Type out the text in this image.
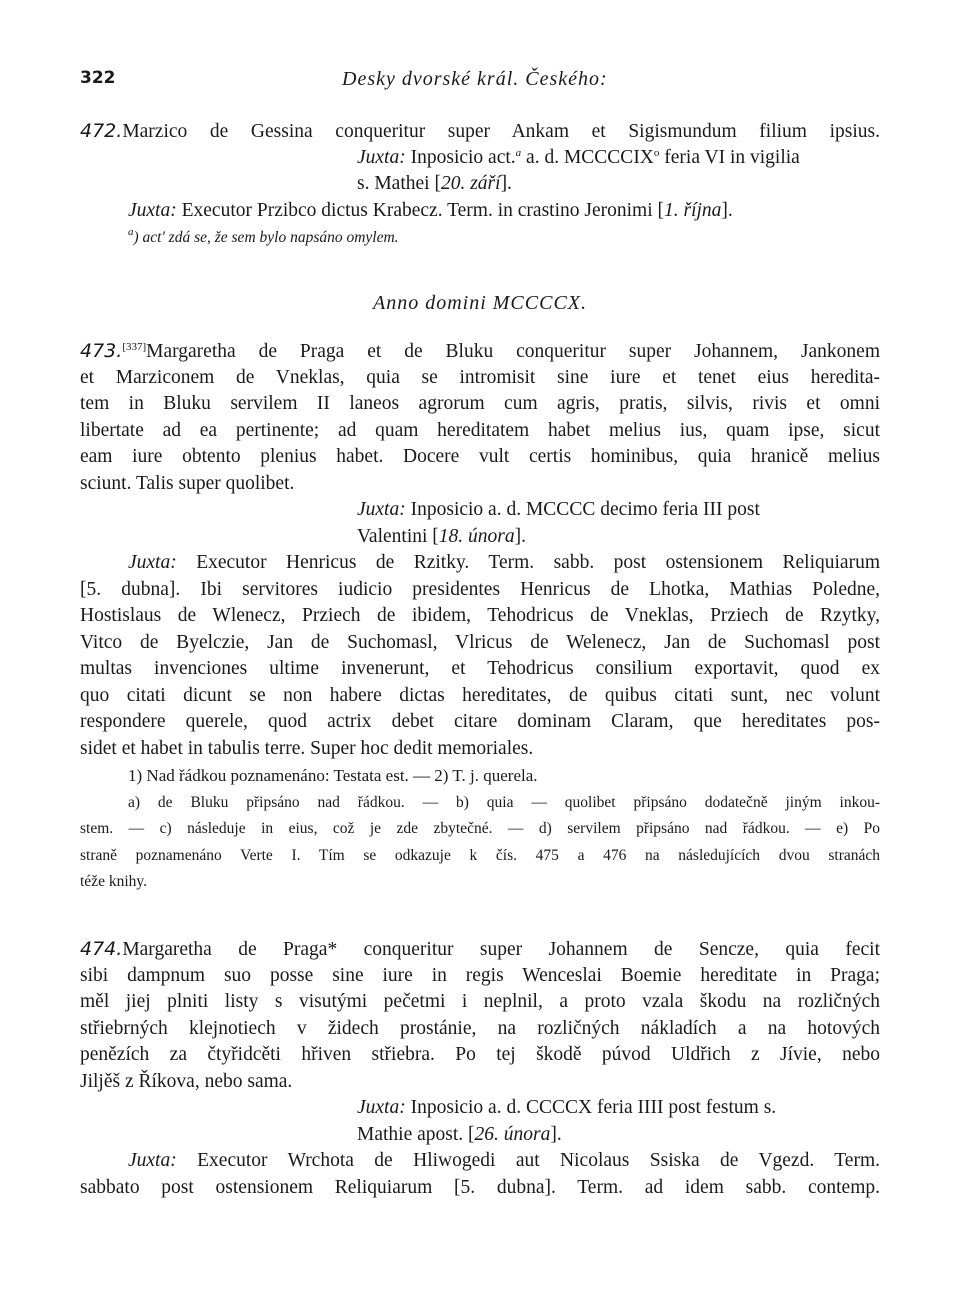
322	Desky dvorské král. Českého:
472.Marzico de Gessina conqueritur super Ankam et Sigismundum filium ipsius.
Juxta: Inposicio act.$^a$ a. d. MCCCCIX$^o$ feria VI in vigilia
s. Mathei [20. září].
Juxta: Executor Przibco dictus Krabecz. Term. in crastino Jeronimi [1. října].
$^a$) act' zdá se, že sem bylo napsáno omylem.
Anno domini MCCCCX.
473.[337]Margaretha de Praga et de Bluku conqueritur super Johannem, Jankonem
et Marziconem de Vneklas, quia se intromisit sine iure et tenet eius heredita-
tem in Bluku servilem II laneos agrorum cum agris, pratis, silvis, rivis et omni
libertate ad ea pertinente; ad quam hereditatem habet melius ius, quam ipse, sicut
eam iure obtento plenius habet. Docere vult certis hominibus, quia hranicě melius
sciunt. Talis super quolibet.
Juxta: Inposicio a. d. MCCCC decimo feria III post
Valentini [18. února].
Juxta: Executor Henricus de Rzitky. Term. sabb. post ostensionem Reliquiarum
[5. dubna]. Ibi servitores iudicio presidentes Henricus de Lhotka, Mathias Poledne,
Hostislaus de Wlenecz, Prziech de ibidem, Tehodricus de Vneklas, Prziech de Rzytky,
Vitco de Byelczie, Jan de Suchomasl, Vlricus de Welenecz, Jan de Suchomasl post
multas invenciones ultime invenerunt, et Tehodricus consilium exportavit, quod ex
quo citati dicunt se non habere dictas hereditates, de quibus citati sunt, nec volunt
respondere querele, quod actrix debet citare dominam Claram, que hereditates pos-
sidet et habet in tabulis terre. Super hoc dedit memoriales.
1) Nad řádkou poznamenáno: Testata est. — 2) T. j. querela.
a) de Bluku připsáno nad řádkou. — b) quia — quolibet připsáno dodatečně jiným inkou-
stem. — c) následuje in eius, což je zde zbytečné. — d) servilem připsáno nad řádkou. — e) Po
straně poznamenáno Verte I. Tím se odkazuje k čís. 475 a 476 na následujících dvou stranách
téže knihy.
474.Margaretha de Praga* conqueritur super Johannem de Sencze, quia fecit
sibi dampnum suo posse sine iure in regis Wenceslai Boemie hereditate in Praga;
měl jiej plniti listy s visutými pečetmi i neplnil, a proto vzala škodu na rozličných
střiebrných klejnotiech v židech prostánie, na rozličných nákladích a na hotových
penězích za čtyřidcěti hřiven střiebra. Po tej škodě púvod Uldřich z Jívie, nebo
Jiljěš z Říkova, nebo sama.
Juxta: Inposicio a. d. CCCCX feria IIII post festum s.
Mathie apost. [26. února].
Juxta: Executor Wrchota de Hliwogedi aut Nicolaus Ssiska de Vgezd. Term.
sabbato post ostensionem Reliquiarum [5. dubna]. Term. ad idem sabb. contemp.
